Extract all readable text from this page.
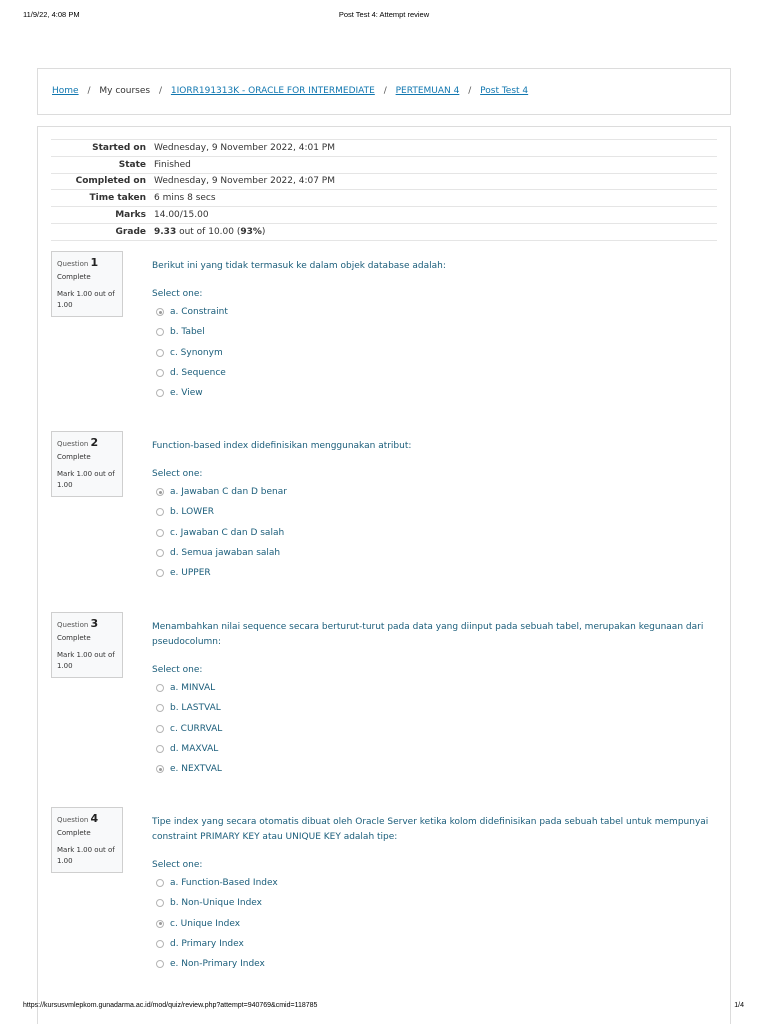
11/9/22, 4:08 PM	Post Test 4: Attempt review
Home / My courses / 1IORR191313K - ORACLE FOR INTERMEDIATE / PERTEMUAN 4 / Post Test 4
Started on	Wednesday, 9 November 2022, 4:01 PM
State	Finished
Completed on	Wednesday, 9 November 2022, 4:07 PM
Time taken	6 mins 8 secs
Marks	14.00/15.00
Grade	9.33 out of 10.00 (93%)
Question 1
Complete
Mark 1.00 out of 1.00
Berikut ini yang tidak termasuk ke dalam objek database adalah:
Select one:
a. Constraint
b. Tabel
c. Synonym
d. Sequence
e. View
Question 2
Complete
Mark 1.00 out of 1.00
Function-based index didefinisikan menggunakan atribut:
Select one:
a. Jawaban C dan D benar
b. LOWER
c. Jawaban C dan D salah
d. Semua jawaban salah
e. UPPER
Question 3
Complete
Mark 1.00 out of 1.00
Menambahkan nilai sequence secara berturut-turut pada data yang diinput pada sebuah tabel, merupakan kegunaan dari pseudocolumn:
Select one:
a. MINVAL
b. LASTVAL
c. CURRVAL
d. MAXVAL
e. NEXTVAL
Question 4
Complete
Mark 1.00 out of 1.00
Tipe index yang secara otomatis dibuat oleh Oracle Server ketika kolom didefinisikan pada sebuah tabel untuk mempunyai constraint PRIMARY KEY atau UNIQUE KEY adalah tipe:
Select one:
a. Function-Based Index
b. Non-Unique Index
c. Unique Index
d. Primary Index
e. Non-Primary Index
https://kursusvmlepkom.gunadarma.ac.id/mod/quiz/review.php?attempt=940769&cmid=118785	1/4
